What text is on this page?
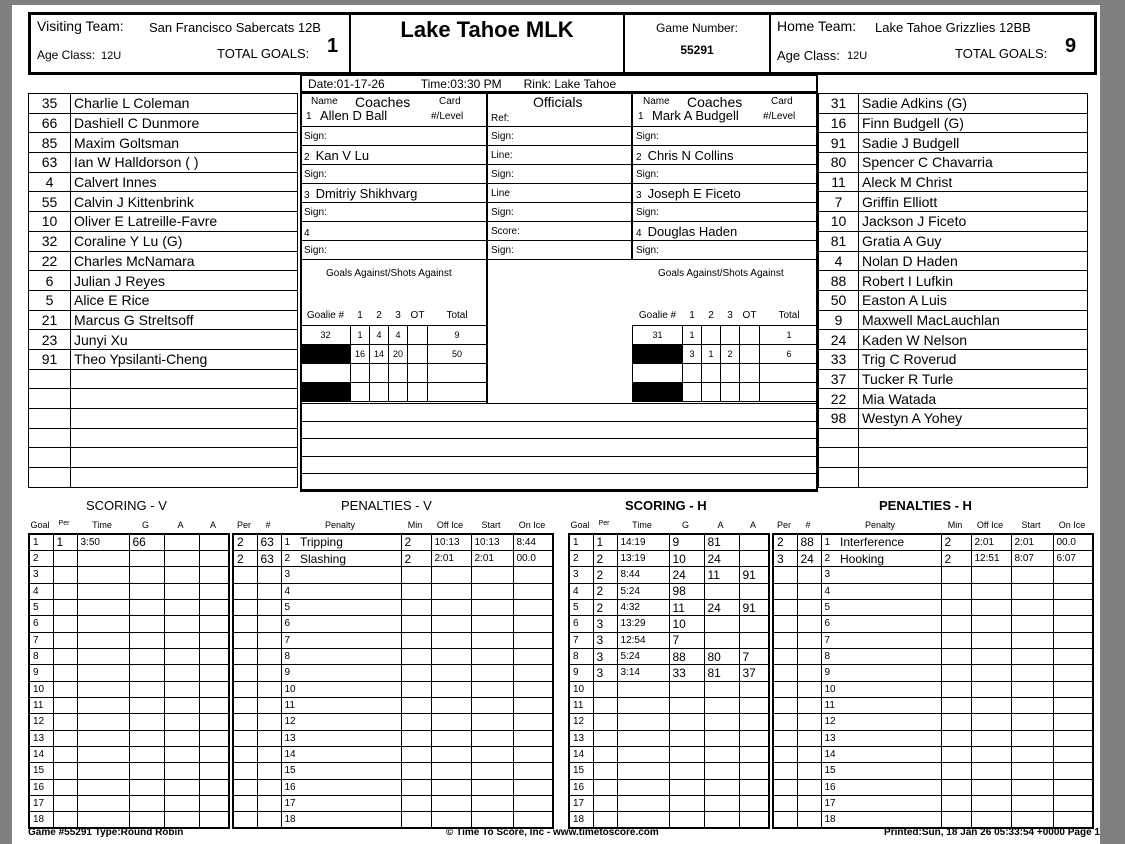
Visiting Team: San Francisco Sabercats 12B
Age Class: 12U	TOTAL GOALS: 1
Lake Tahoe MLK	Game Number:
55291
Home Team: Lake Tahoe Grizzlies 12BB
Age Class: 12U	TOTAL GOALS: 9
Date:01-17-26	Time:03:30 PM Rink: Lake Tahoe
35	Charlie L Coleman
66	Dashiell C Dunmore
85	Maxim Goltsman
63	Ian W Halldorson ( )
4	Calvert Innes
55	Calvin J Kittenbrink
10	Oliver E Latreille-Favre
32	Coraline Y Lu (G)
22	Charles McNamara
6	Julian J Reyes
5	Alice E Rice
21	Marcus G Streltsoff
23	Junyi Xu
91	Theo Ypsilanti-Cheng

31	Sadie Adkins (G)
16	Finn Budgell (G)
91	Sadie J Budgell
80	Spencer C Chavarria
11	Aleck M Christ
7	Griffin Elliott
10	Jackson J Ficeto
81	Gratia A Guy
4	Nolan D Haden
88	Robert I Lufkin
50	Easton A Luis
9	Maxwell MacLauchlan
24	Kaden W Nelson
33	Trig C Roverud
37	Tucker R Turle
22	Mia Watada
98	Westyn A Yohey

Name Coaches	Card
#/Level
1 Allen D Ball

Sign:
2 Kan V Lu
Sign:
3 Dmitriy Shikhvarg
Sign:
4
Sign:
Name Coaches	Card
#/Level
1 Mark A Budgell

Sign:
2 Chris N Collins
Sign:
3 Joseph E Ficeto
Sign:
4 Douglas Haden
Sign:
Officials
Ref:

Sign:
Line:
Sign:
Line
Sign:
Score:
Sign:
Goals Against/Shots Against
Goalie #	1	2	3	OT	Total
32	1	4	4		9
	16	14	20		50

Goals Against/Shots Against
Goalie #	1	2	3	OT	Total
31	1				1
	3	1	2		6

SCORING - V	PENALTIES - V	SCORING - H	PENALTIES - H
Goal	Per	Time	G	A	A
1	1	3:50	66		
2					
3					
4					
5					
6					
7					
8					
9					
10					
11					
12					
13					
14					
15					
16					
17					
18					
Per	#	Penalty	Min	Off Ice	Start	On Ice
2	63	1	Tripping	2	10:13	10:13	8:44
2	63	2	Slashing	2	2:01	2:01	00.0
		3					
		4					
		5					
		6					
		7					
		8					
		9					
		10					
		11					
		12					
		13					
		14					
		15					
		16					
		17					
		18					
Goal	Per	Time	G	A	A
1	1	14:19	9	81	
2	2	13:19	10	24	
3	2	8:44	24	11	91
4	2	5:24	98		
5	2	4:32	11	24	91
6	3	13:29	10		
7	3	12:54	7		
8	3	5:24	88	80	7
9	3	3:14	33	81	37
10					
11					
12					
13					
14					
15					
16					
17					
18					
Per	#	Penalty	Min	Off Ice	Start	On Ice
2	88	1	Interference	2	2:01	2:01	00.0
3	24	2	Hooking	2	12:51	8:07	6:07
		3					
		4					
		5					
		6					
		7					
		8					
		9					
		10					
		11					
		12					
		13					
		14					
		15					
		16					
		17					
		18					
Game #55291 Type:Round Robin	© Time To Score, Inc - www.timetoscore.com	Printed:Sun, 18 Jan 26 05:33:54 +0000 Page 1
